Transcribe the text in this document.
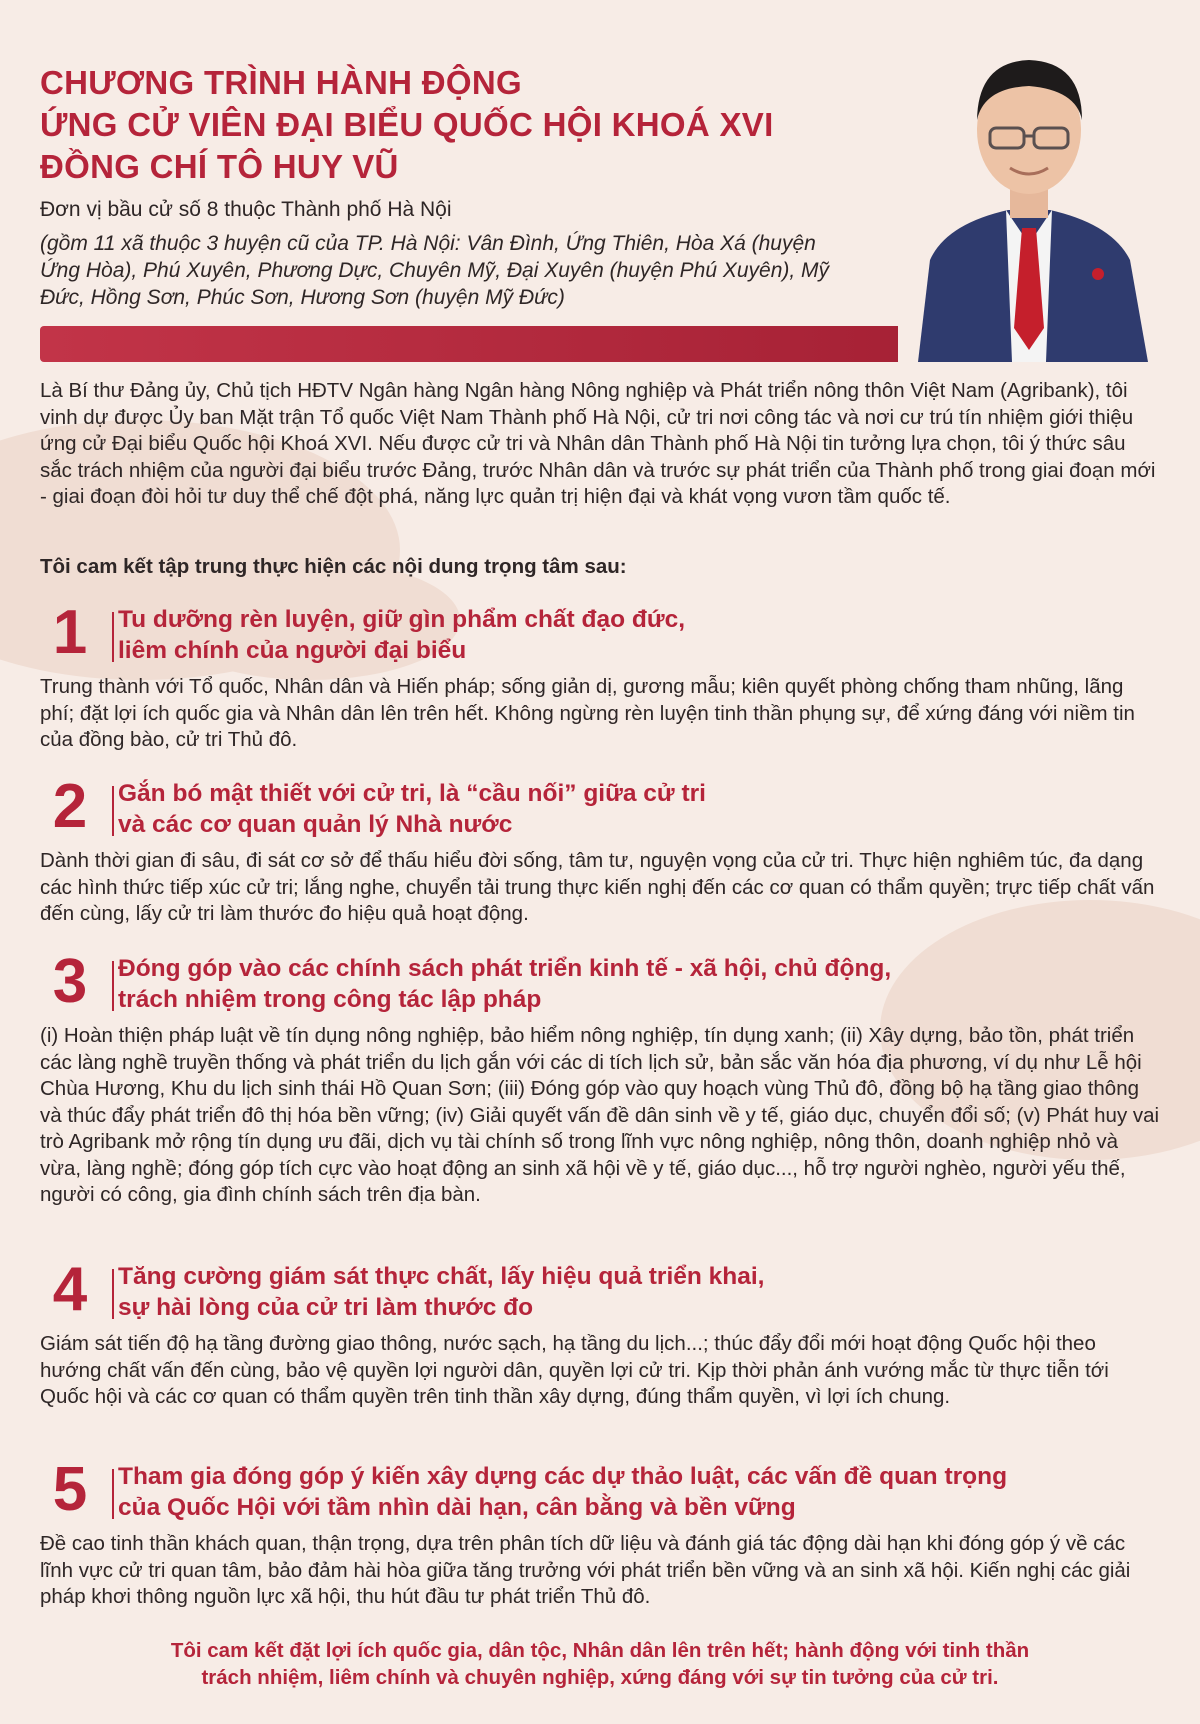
CHƯƠNG TRÌNH HÀNH ĐỘNG
ỨNG CỬ VIÊN ĐẠI BIỂU QUỐC HỘI KHOÁ XVI
ĐỒNG CHÍ TÔ HUY VŨ

Đơn vị bầu cử số 8 thuộc Thành phố Hà Nội

(gồm 11 xã thuộc 3 huyện cũ của TP. Hà Nội: Vân Đình, Ứng Thiên, Hòa Xá (huyện Ứng Hòa), Phú Xuyên, Phương Dực, Chuyên Mỹ, Đại Xuyên (huyện Phú Xuyên), Mỹ Đức, Hồng Sơn, Phúc Sơn, Hương Sơn (huyện Mỹ Đức)

Là Bí thư Đảng ủy, Chủ tịch HĐTV Ngân hàng Ngân hàng Nông nghiệp và Phát triển nông thôn Việt Nam (Agribank), tôi vinh dự được Ủy ban Mặt trận Tổ quốc Việt Nam Thành phố Hà Nội, cử tri nơi công tác và nơi cư trú tín nhiệm giới thiệu ứng cử Đại biểu Quốc hội Khoá XVI. Nếu được cử tri và Nhân dân Thành phố Hà Nội tin tưởng lựa chọn, tôi ý thức sâu sắc trách nhiệm của người đại biểu trước Đảng, trước Nhân dân và trước sự phát triển của Thành phố trong giai đoạn mới - giai đoạn đòi hỏi tư duy thể chế đột phá, năng lực quản trị hiện đại và khát vọng vươn tầm quốc tế.

Tôi cam kết tập trung thực hiện các nội dung trọng tâm sau:

1	Tu dưỡng rèn luyện, giữ gìn phẩm chất đạo đức,
liêm chính của người đại biểu

Trung thành với Tổ quốc, Nhân dân và Hiến pháp; sống giản dị, gương mẫu; kiên quyết phòng chống tham nhũng, lãng phí; đặt lợi ích quốc gia và Nhân dân lên trên hết. Không ngừng rèn luyện tinh thần phụng sự, để xứng đáng với niềm tin của đồng bào, cử tri Thủ đô.

2	Gắn bó mật thiết với cử tri, là “cầu nối” giữa cử tri
và các cơ quan quản lý Nhà nước

Dành thời gian đi sâu, đi sát cơ sở để thấu hiểu đời sống, tâm tư, nguyện vọng của cử tri. Thực hiện nghiêm túc, đa dạng các hình thức tiếp xúc cử tri; lắng nghe, chuyển tải trung thực kiến nghị đến các cơ quan có thẩm quyền; trực tiếp chất vấn đến cùng, lấy cử tri làm thước đo hiệu quả hoạt động.

3	Đóng góp vào các chính sách phát triển kinh tế - xã hội, chủ động,
trách nhiệm trong công tác lập pháp

(i) Hoàn thiện pháp luật về tín dụng nông nghiệp, bảo hiểm nông nghiệp, tín dụng xanh; (ii) Xây dựng, bảo tồn, phát triển các làng nghề truyền thống và phát triển du lịch gắn với các di tích lịch sử, bản sắc văn hóa địa phương, ví dụ như Lễ hội Chùa Hương, Khu du lịch sinh thái Hồ Quan Sơn; (iii) Đóng góp vào quy hoạch vùng Thủ đô, đồng bộ hạ tầng giao thông và thúc đẩy phát triển đô thị hóa bền vững; (iv) Giải quyết vấn đề dân sinh về y tế, giáo dục, chuyển đổi số; (v) Phát huy vai trò Agribank mở rộng tín dụng ưu đãi, dịch vụ tài chính số trong lĩnh vực nông nghiệp, nông thôn, doanh nghiệp nhỏ và vừa, làng nghề; đóng góp tích cực vào hoạt động an sinh xã hội về y tế, giáo dục..., hỗ trợ người nghèo, người yếu thế, người có công, gia đình chính sách trên địa bàn.

4	Tăng cường giám sát thực chất, lấy hiệu quả triển khai,
sự hài lòng của cử tri làm thước đo

Giám sát tiến độ hạ tầng đường giao thông, nước sạch, hạ tầng du lịch...; thúc đẩy đổi mới hoạt động Quốc hội theo hướng chất vấn đến cùng, bảo vệ quyền lợi người dân, quyền lợi cử tri. Kịp thời phản ánh vướng mắc từ thực tiễn tới Quốc hội và các cơ quan có thẩm quyền trên tinh thần xây dựng, đúng thẩm quyền, vì lợi ích chung.

5	Tham gia đóng góp ý kiến xây dựng các dự thảo luật, các vấn đề quan trọng
của Quốc Hội với tầm nhìn dài hạn, cân bằng và bền vững

Đề cao tinh thần khách quan, thận trọng, dựa trên phân tích dữ liệu và đánh giá tác động dài hạn khi đóng góp ý về các lĩnh vực cử tri quan tâm, bảo đảm hài hòa giữa tăng trưởng với phát triển bền vững và an sinh xã hội. Kiến nghị các giải pháp khơi thông nguồn lực xã hội, thu hút đầu tư phát triển Thủ đô.

Tôi cam kết đặt lợi ích quốc gia, dân tộc, Nhân dân lên trên hết; hành động với tinh thần
trách nhiệm, liêm chính và chuyên nghiệp, xứng đáng với sự tin tưởng của cử tri.
